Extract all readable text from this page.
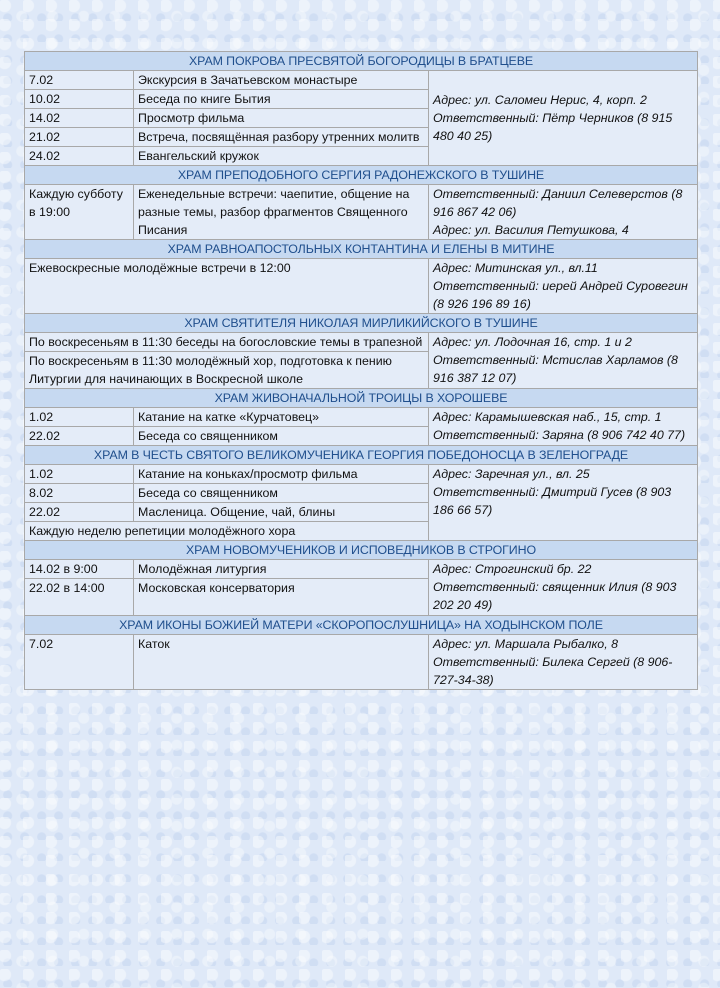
ХРАМ ПОКРОВА ПРЕСВЯТОЙ БОГОРОДИЦЫ В БРАТЦЕВЕ		
7.02	Экскурсия в Зачатьевском монастыре	Адрес: ул. Саломеи Нерис, 4, корп. 2
Ответственный: Пётр Черников (8 915 480 40 25)

10.02	Беседа по книге Бытия	
14.02	Просмотр фильма	
21.02	Встреча, посвящённая разбору утренних молитв	
24.02	Евангельский кружок	
ХРАМ ПРЕПОДОБНОГО СЕРГИЯ РАДОНЕЖСКОГО В ТУШИНЕ		
Каждую субботу в 19:00	Еженедельные встречи: чаепитие, общение на разные темы, разбор фрагментов Священного Писания	Ответственный: Даниил Селеверстов (8 916 867 42 06)
Адрес: ул. Василия Петушкова, 4

ХРАМ РАВНОАПОСТОЛЬНЫХ КОНТАНТИНА И ЕЛЕНЫ В МИТИНЕ		
Ежевоскресные молодёжные встречи в 12:00		Адрес: Митинская ул., вл.11
Ответственный: иерей Андрей Суровегин (8 926 196 89 16)

ХРАМ СВЯТИТЕЛЯ НИКОЛАЯ МИРЛИКИЙСКОГО В ТУШИНЕ		
По воскресеньям в 11:30 беседы на богословские темы в трапезной		Адрес: ул. Лодочная 16, стр. 1 и 2
Ответственный: Мстислав Харламов (8 916 387 12 07)

По воскресеньям в 11:30 молодёжный хор, подготовка к пению Литургии для начинающих в Воскресной школе		
ХРАМ ЖИВОНАЧАЛЬНОЙ ТРОИЦЫ В ХОРОШЕВЕ		
1.02	Катание на катке «Курчатовец»	Адрес: Карамышевская наб., 15, стр. 1
Ответственный: Заряна (8 906 742 40 77)

22.02	Беседа со священником	
ХРАМ В ЧЕСТЬ СВЯТОГО ВЕЛИКОМУЧЕНИКА ГЕОРГИЯ ПОБЕДОНОСЦА В ЗЕЛЕНОГРАДЕ		
1.02	Катание на коньках/просмотр фильма	Адрес: Заречная ул., вл. 25
Ответственный: Дмитрий Гусев (8 903 186 66 57)

8.02	Беседа со священником	
22.02	Масленица. Общение, чай, блины	
Каждую неделю репетиции молодёжного хора		
ХРАМ НОВОМУЧЕНИКОВ И ИСПОВЕДНИКОВ В СТРОГИНО		
14.02 в 9:00	Молодёжная литургия	Адрес: Строгинский бр. 22
Ответственный: священник Илия (8 903 202 20 49)

22.02 в 14:00	Московская консерватория	
ХРАМ ИКОНЫ БОЖИЕЙ МАТЕРИ «СКОРОПОСЛУШНИЦА» НА ХОДЫНСКОМ ПОЛЕ		
7.02	Каток	Адрес: ул. Маршала Рыбалко, 8
Ответственный: Билека Сергей (8 906-727-34-38)
